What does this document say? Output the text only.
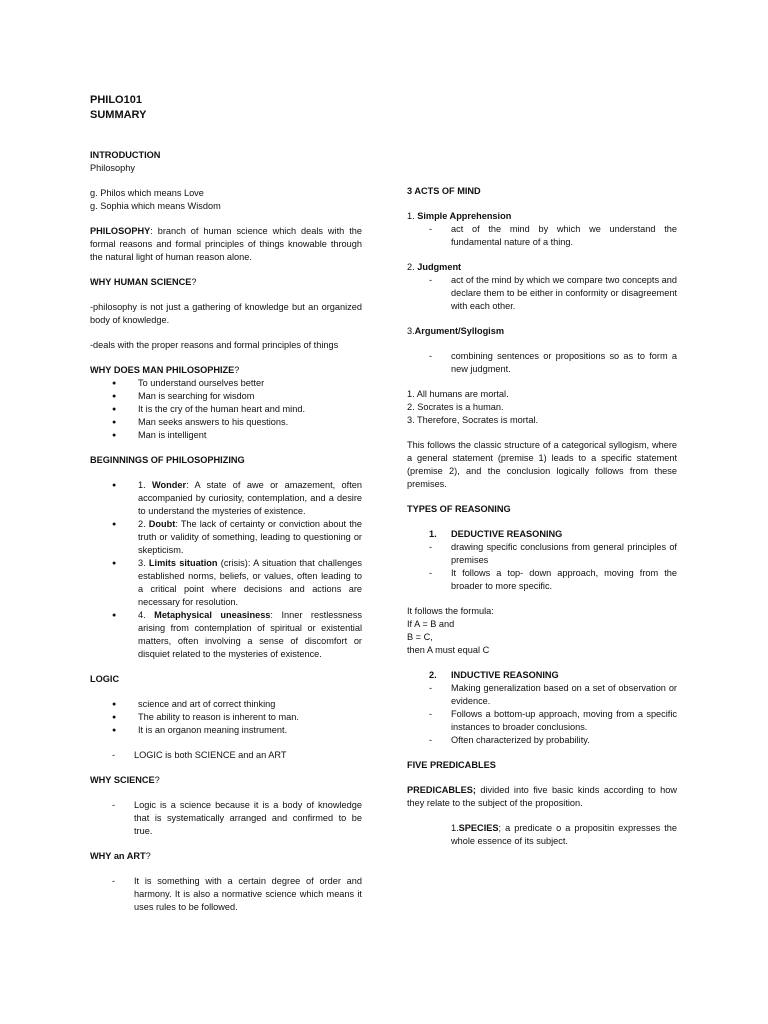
PHILO101

SUMMARY

INTRODUCTION

Philosophy

g. Philos which means Love

g. Sophia which means Wisdom

PHILOSOPHY: branch of human science which deals with the formal reasons and formal principles of things knowable through the natural light of human reason alone.

WHY HUMAN SCIENCE?

-philosophy is not just a gathering of knowledge but an organized body of knowledge.

-deals with the proper reasons and formal principles of things

WHY DOES MAN PHILOSOPHIZE?

● To understand ourselves better
● Man is searching for wisdom
● It is the cry of the human heart and mind.
● Man seeks answers to his questions.
● Man is intelligent

BEGINNINGS OF PHILOSOPHIZING

● 1. Wonder: A state of awe or amazement, often accompanied by curiosity, contemplation, and a desire to understand the mysteries of existence.
● 2. Doubt: The lack of certainty or conviction about the truth or validity of something, leading to questioning or skepticism.
● 3. Limits situation (crisis): A situation that challenges established norms, beliefs, or values, often leading to a critical point where decisions and actions are necessary for resolution.
● 4. Metaphysical uneasiness: Inner restlessness arising from contemplation of spiritual or existential matters, often involving a sense of discomfort or disquiet related to the mysteries of existence.

LOGIC

● science and art of correct thinking
● The ability to reason is inherent to man.
● It is an organon meaning instrument.
- LOGIC is both SCIENCE and an ART

WHY SCIENCE?

- Logic is a science because it is a body of knowledge that is systematically arranged and confirmed to be true.

WHY an ART?

- It is something with a certain degree of order and harmony. It is also a normative science which means it uses rules to be followed.

3 ACTS OF MIND

1. Simple Apprehension

- act of the mind by which we understand the fundamental nature of a thing.

2. Judgment

- act of the mind by which we compare two concepts and declare them to be either in conformity or disagreement with each other.

3.Argument/Syllogism

- combining sentences or propositions so as to form a new judgment.

1. All humans are mortal.

2. Socrates is a human.

3. Therefore, Socrates is mortal.

This follows the classic structure of a categorical syllogism, where a general statement (premise 1) leads to a specific statement (premise 2), and the conclusion logically follows from these premises.

TYPES OF REASONING

1. DEDUCTIVE REASONING

- drawing specific conclusions from general principles of premises
- It follows a top- down approach, moving from the broader to more specific.

It follows the formula:

If A = B and

B = C,

then A must equal C

2. INDUCTIVE REASONING

- Making generalization based on a set of observation or evidence.
- Follows a bottom-up approach, moving from a specific instances to broader conclusions.
- Often characterized by probability.

FIVE PREDICABLES

PREDICABLES; divided into five basic kinds according to how they relate to the subject of the proposition.

1.SPECIES; a predicate o a propositin expresses the whole essence of its subject.
